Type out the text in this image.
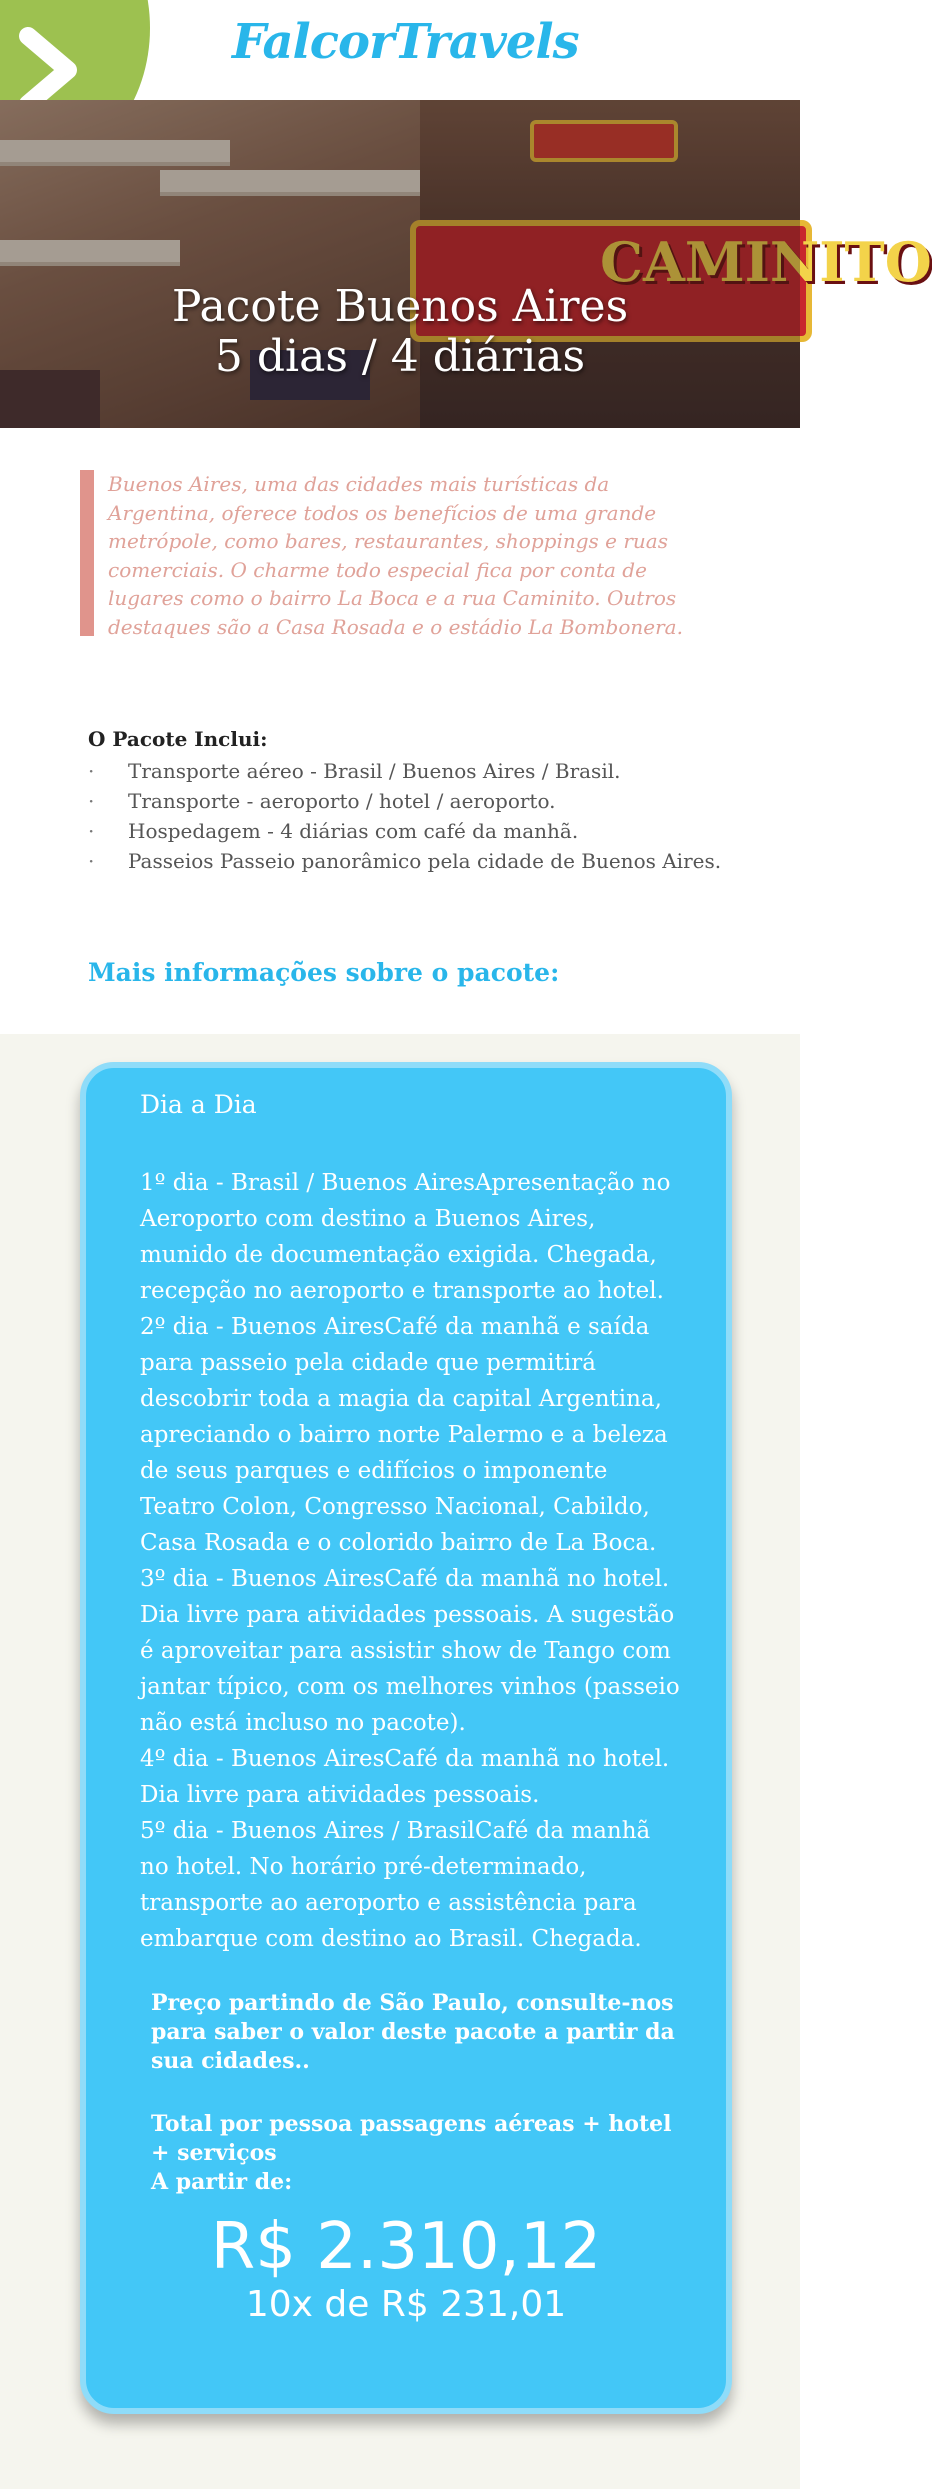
FalcorTravels
CAMINITO
Pacote Buenos Aires
5 dias / 4 diárias

Buenos Aires, uma das cidades mais turísticas da Argentina, oferece todos os benefícios de uma grande metrópole, como bares, restaurantes, shoppings e ruas comerciais. O charme todo especial fica por conta de lugares como o bairro La Boca e a rua Caminito. Outros destaques são a Casa Rosada e o estádio La Bombonera.

O Pacote Inclui:
· Transporte aéreo - Brasil / Buenos Aires / Brasil.
· Transporte - aeroporto / hotel / aeroporto.
· Hospedagem - 4 diárias com café da manhã.
· Passeios Passeio panorâmico pela cidade de Buenos Aires.
Mais informações sobre o pacote:
Dia a Dia

1º dia - Brasil / Buenos AiresApresentação no Aeroporto com destino a Buenos Aires, munido de documentação exigida. Chegada, recepção no aeroporto e transporte ao hotel.

2º dia - Buenos AiresCafé da manhã e saída para passeio pela cidade que permitirá descobrir toda a magia da capital Argentina, apreciando o bairro norte Palermo e a beleza de seus parques e edifícios o imponente Teatro Colon, Congresso Nacional, Cabildo, Casa Rosada e o colorido bairro de La Boca.

3º dia - Buenos AiresCafé da manhã no hotel. Dia livre para atividades pessoais. A sugestão é aproveitar para assistir show de Tango com jantar típico, com os melhores vinhos (passeio não está incluso no pacote).

4º dia - Buenos AiresCafé da manhã no hotel. Dia livre para atividades pessoais.

5º dia - Buenos Aires / BrasilCafé da manhã no hotel. No horário pré-determinado, transporte ao aeroporto e assistência para embarque com destino ao Brasil. Chegada.

Preço partindo de São Paulo, consulte-nos para saber o valor deste pacote a partir da sua cidades..
Total por pessoa passagens aéreas + hotel + serviços
A partir de:
R$ 2.310,12
10x de R$ 231,01
